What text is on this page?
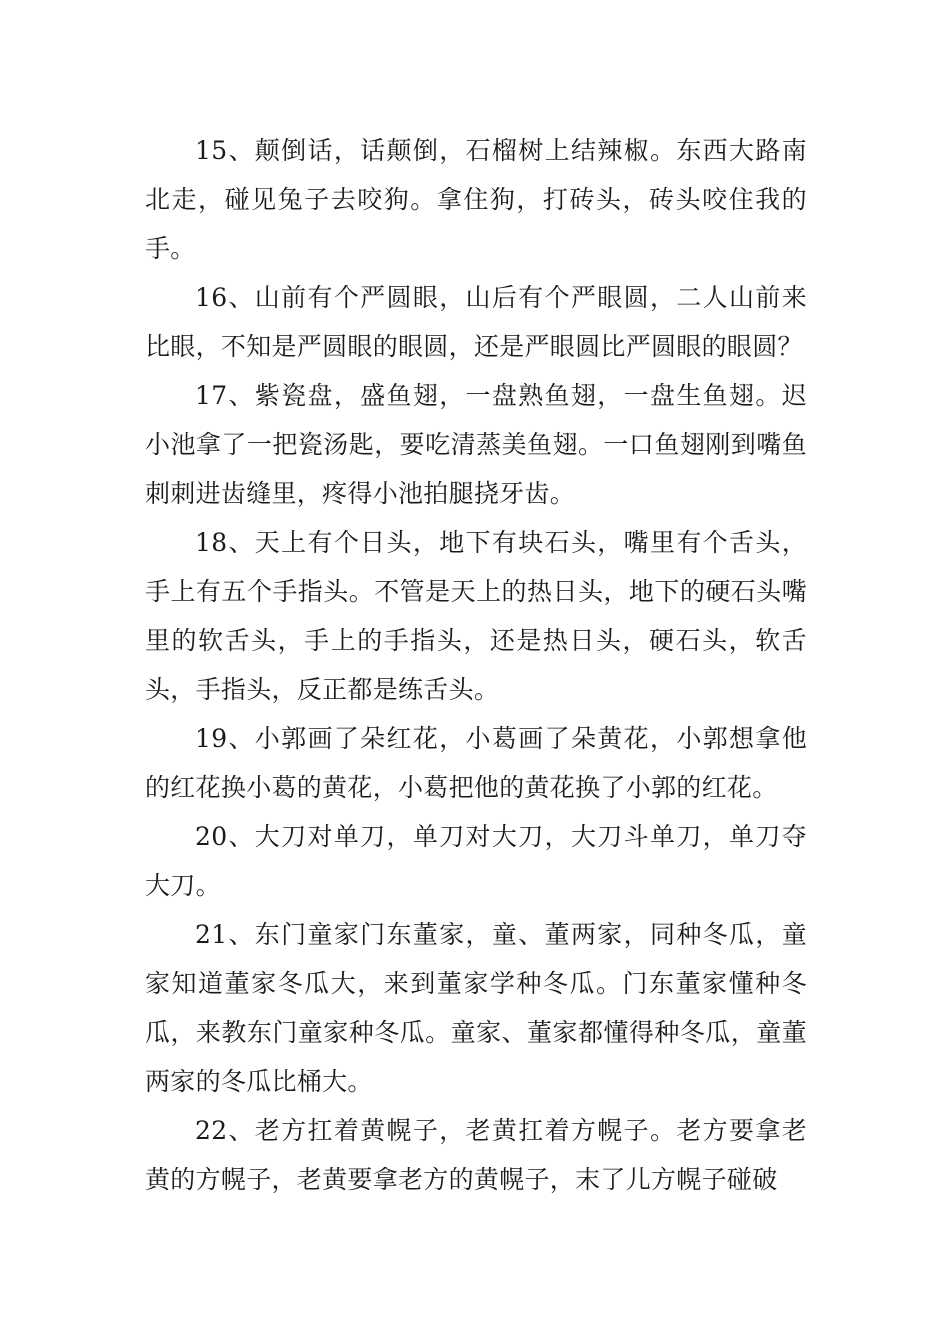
15、颠倒话，话颠倒，石榴树上结辣椒。东西大路南北走，碰见兔子去咬狗。拿住狗，打砖头，砖头咬住我的手。

16、山前有个严圆眼，山后有个严眼圆，二人山前来比眼，不知是严圆眼的眼圆，还是严眼圆比严圆眼的眼圆？

17、紫瓷盘，盛鱼翅，一盘熟鱼翅，一盘生鱼翅。迟小池拿了一把瓷汤匙，要吃清蒸美鱼翅。一口鱼翅刚到嘴鱼刺刺进齿缝里，疼得小池拍腿挠牙齿。

18、天上有个日头，地下有块石头，嘴里有个舌头，手上有五个手指头。不管是天上的热日头，地下的硬石头嘴里的软舌头，手上的手指头，还是热日头，硬石头，软舌头，手指头，反正都是练舌头。

19、小郭画了朵红花，小葛画了朵黄花，小郭想拿他的红花换小葛的黄花，小葛把他的黄花换了小郭的红花。

20、大刀对单刀，单刀对大刀，大刀斗单刀，单刀夺大刀。

21、东门童家门东董家，童、董两家，同种冬瓜，童家知道董家冬瓜大，来到董家学种冬瓜。门东董家懂种冬瓜，来教东门童家种冬瓜。童家、董家都懂得种冬瓜，童董两家的冬瓜比桶大。

22、老方扛着黄幌子，老黄扛着方幌子。老方要拿老黄的方幌子，老黄要拿老方的黄幌子，末了儿方幌子碰破
